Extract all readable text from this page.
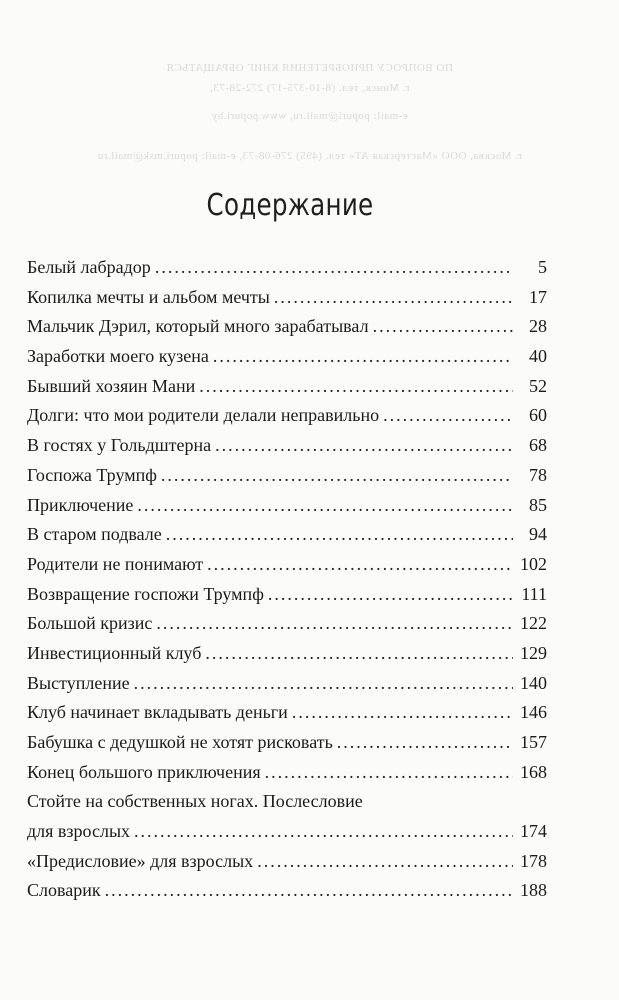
ПО ВОПРОСУ ПРИОБРЕТЕНИЯ КНИГ ОБРАЩАТЬСЯ
г. Минск, тел. (8-10-375-17) 272-28-73,
e-mail: popuri@mail.ru, www.popuri.by
г. Москва, ООО «Мастерская АТ» тел. (495) 276-08-73, e-mail: popuri.msk@mail.ru
Содержание
Белый лабрадор .....	5
Копилка мечты и альбом мечты .....	17
Мальчик Дэрил, который много зарабатывал .....	28
Заработки моего кузена .....	40
Бывший хозяин Мани .....	52
Долги: что мои родители делали неправильно .....	60
В гостях у Гольдштерна .....	68
Госпожа Трумпф .....	78
Приключение .....	85
В старом подвале .....	94
Родители не понимают .....	102
Возвращение госпожи Трумпф .....	111
Большой кризис .....	122
Инвестиционный клуб .....	129
Выступление .....	140
Клуб начинает вкладывать деньги .....	146
Бабушка с дедушкой не хотят рисковать .....	157
Конец большого приключения .....	168
Стойте на собственных ногах. Послесловие
для взрослых .....	174
«Предисловие» для взрослых .....	178
Словарик .....	188
